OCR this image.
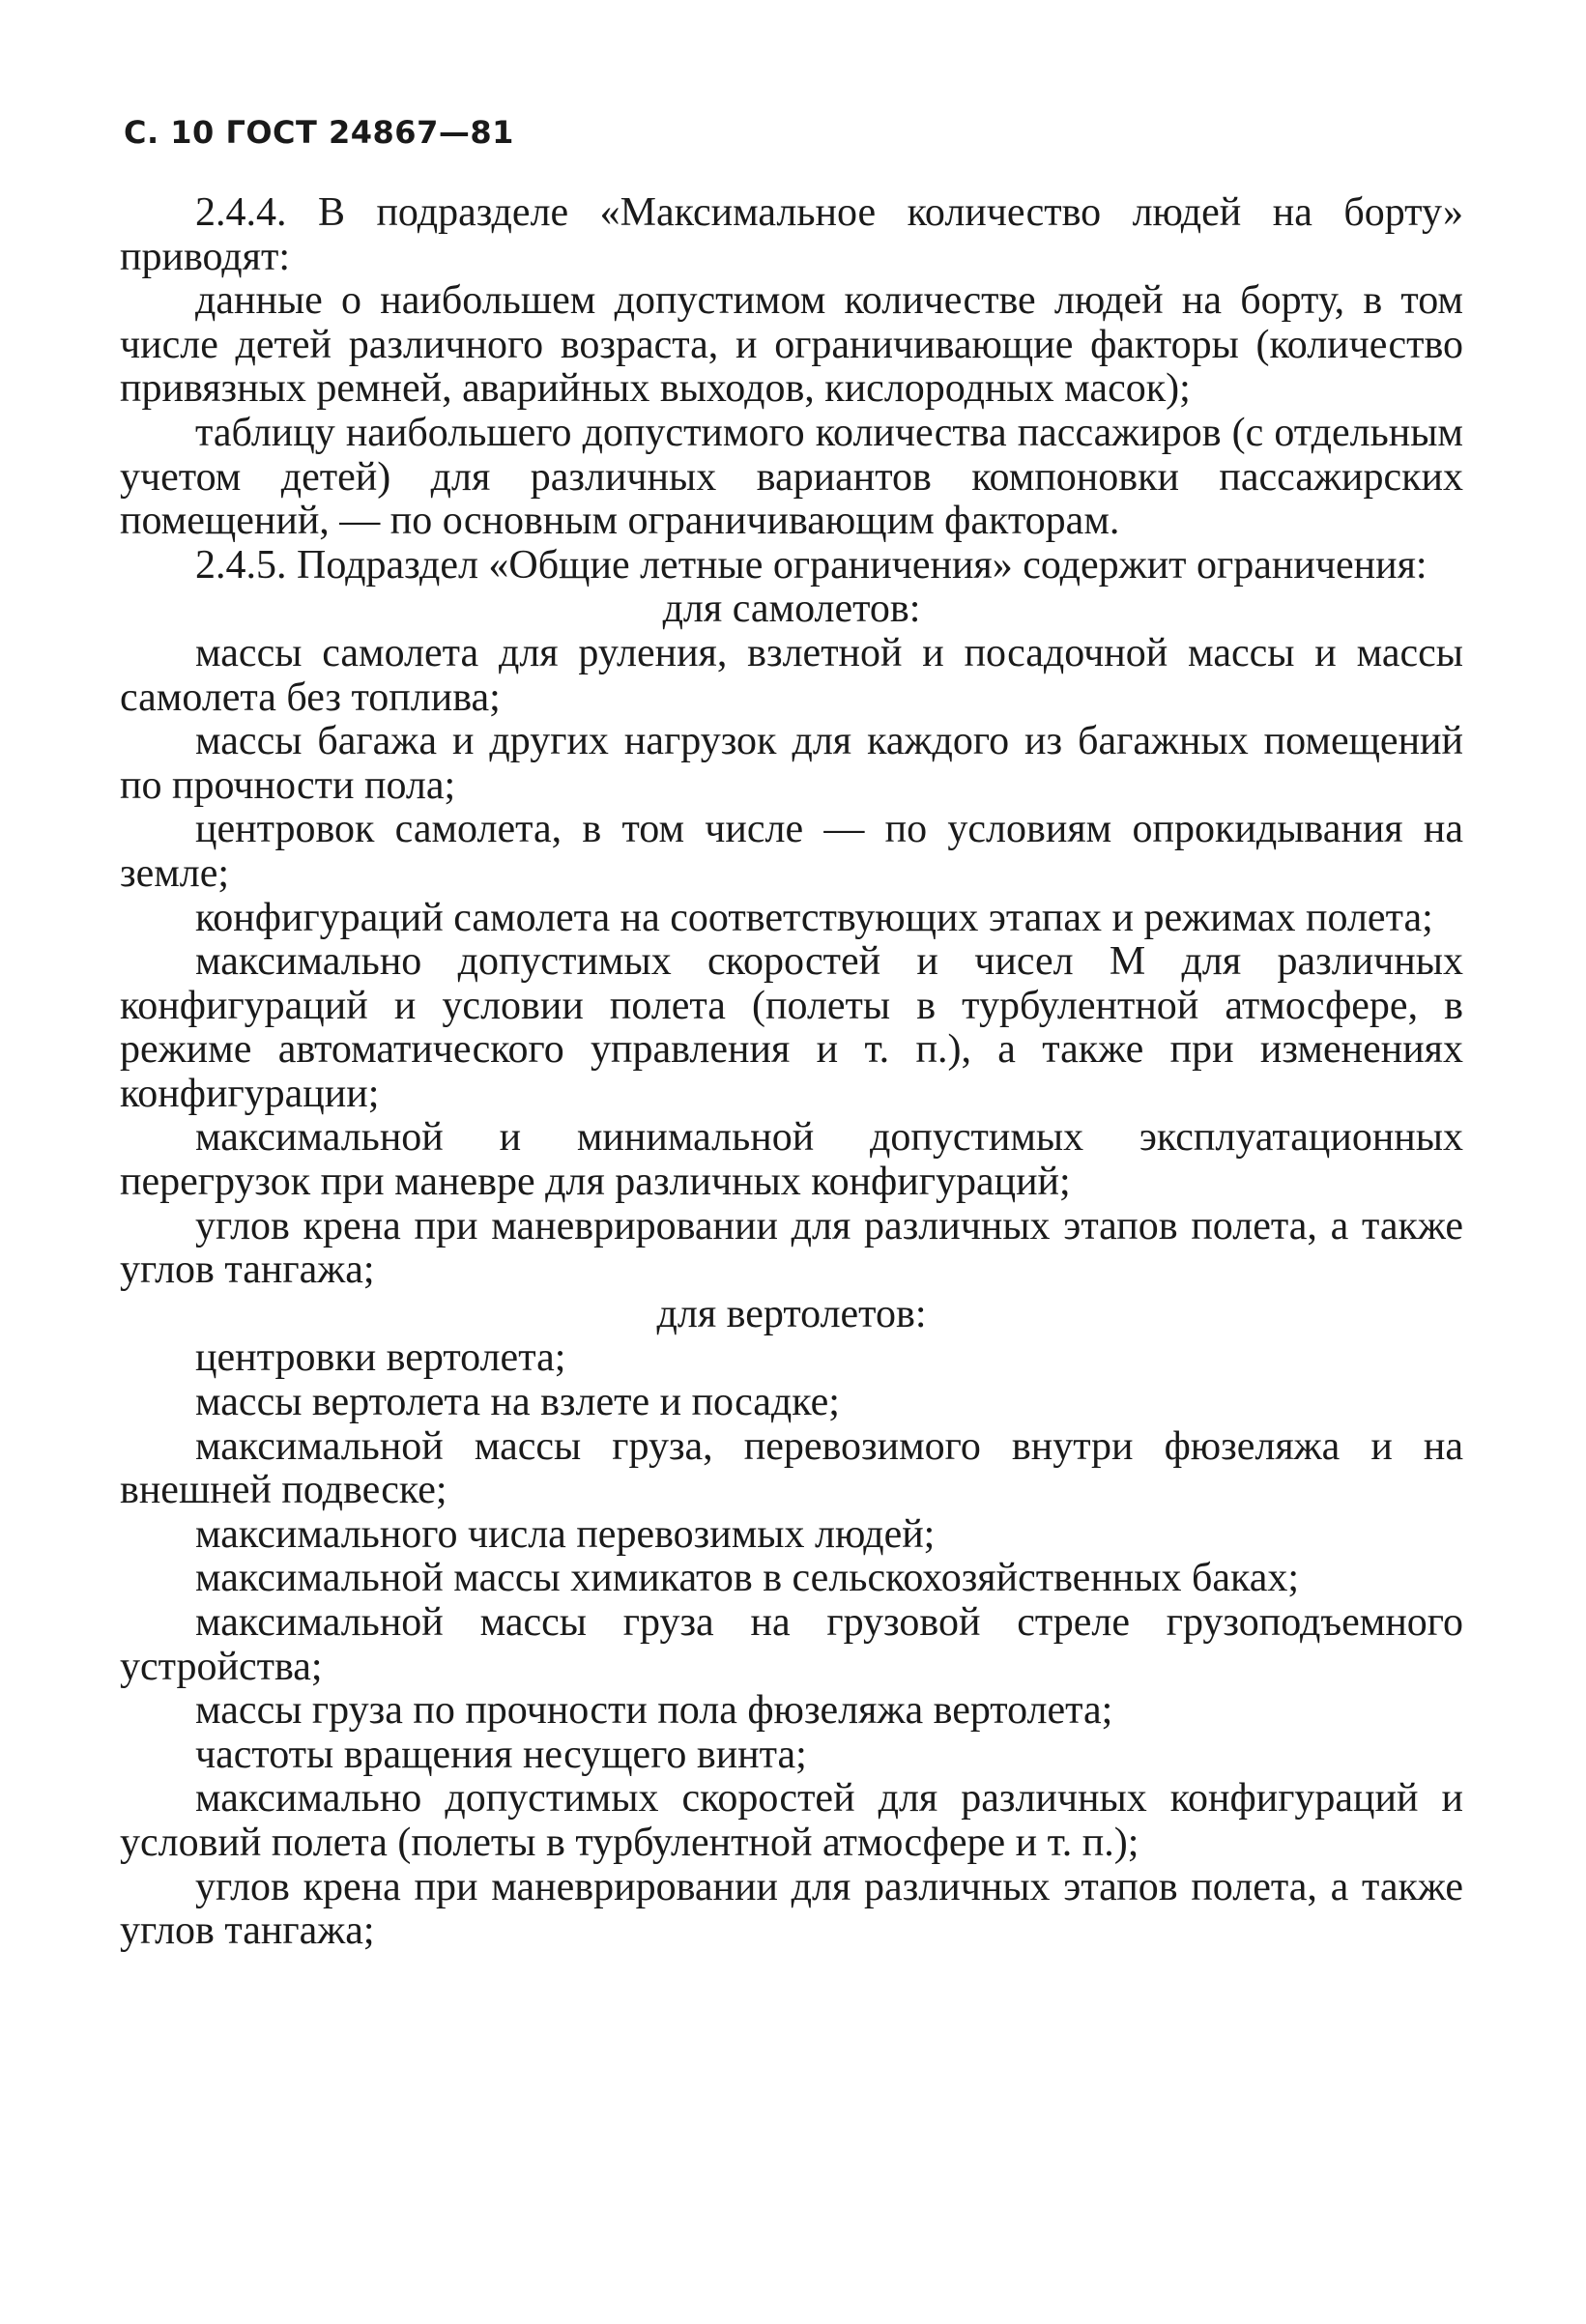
С. 10 ГОСТ 24867—81

2.4.4. В подразделе «Максимальное количество людей на борту» приводят:

данные о наибольшем допустимом количестве людей на борту, в том числе детей различного возраста, и ограничивающие факторы (количество привязных ремней, аварийных выходов, кислородных масок);

таблицу наибольшего допустимого количества пассажиров (с отдельным учетом детей) для различных вариантов компоновки пассажирских помещений, — по основным ограничивающим факторам.

2.4.5. Подраздел «Общие летные ограничения» содержит ограничения:

для самолетов:

массы самолета для руления, взлетной и посадочной массы и массы самолета без топлива;

массы багажа и других нагрузок для каждого из багажных помещений по прочности пола;

центровок самолета, в том числе — по условиям опрокидывания на земле;

конфигураций самолета на соответствующих этапах и режимах полета;

максимально допустимых скоростей и чисел М для различных конфигураций и условии полета (полеты в турбулентной атмосфере, в режиме автоматического управления и т. п.), а также при изменениях конфигурации;

максимальной и минимальной допустимых эксплуатационных перегрузок при маневре для различных конфигураций;

углов крена при маневрировании для различных этапов полета, а также углов тангажа;

для вертолетов:

центровки вертолета;

массы вертолета на взлете и посадке;

максимальной массы груза, перевозимого внутри фюзеляжа и на внешней подвеске;

максимального числа перевозимых людей;

максимальной массы химикатов в сельскохозяйственных баках;

максимальной массы груза на грузовой стреле грузоподъемного устройства;

массы груза по прочности пола фюзеляжа вертолета;

частоты вращения несущего винта;

максимально допустимых скоростей для различных конфигураций и условий полета (полеты в турбулентной атмосфере и т. п.);

углов крена при маневрировании для различных этапов полета, а также углов тангажа;
